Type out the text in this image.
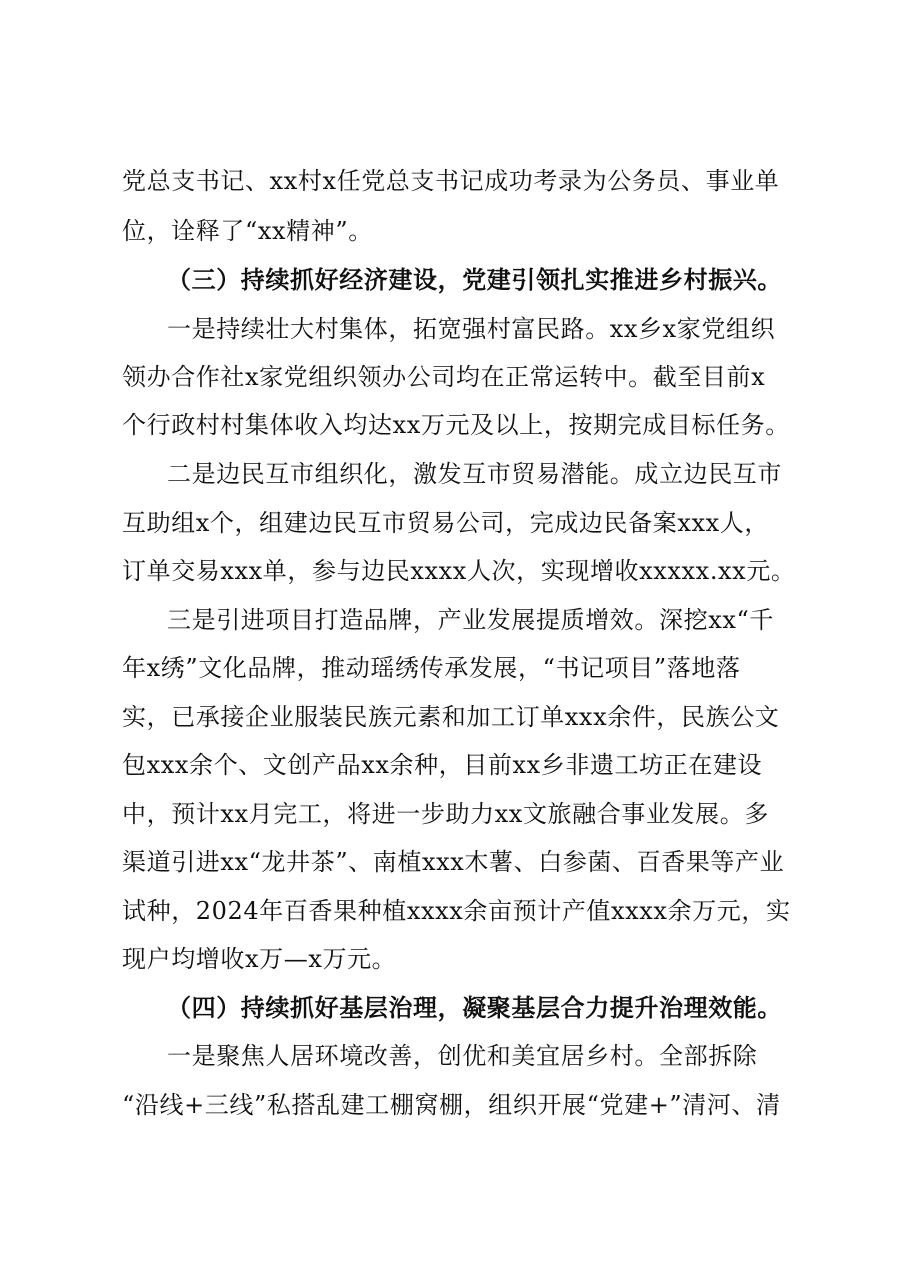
党总支书记、xx村x任党总支书记成功考录为公务员、事业单
位，诠释了“xx精神”。
（三）持续抓好经济建设，党建引领扎实推进乡村振兴。
一是持续壮大村集体，拓宽强村富民路。xx乡x家党组织
领办合作社x家党组织领办公司均在正常运转中。截至目前x
个行政村村集体收入均达xx万元及以上，按期完成目标任务。
二是边民互市组织化，激发互市贸易潜能。成立边民互市
互助组x个，组建边民互市贸易公司，完成边民备案xxx人，
订单交易xxx单，参与边民xxxx人次，实现增收xxxxx.xx元。
三是引进项目打造品牌，产业发展提质增效。深挖xx“千
年x绣”文化品牌，推动瑶绣传承发展，“书记项目”落地落
实，已承接企业服装民族元素和加工订单xxx余件，民族公文
包xxx余个、文创产品xx余种，目前xx乡非遗工坊正在建设
中，预计xx月完工，将进一步助力xx文旅融合事业发展。多
渠道引进xx“龙井茶”、南植xxx木薯、白参菌、百香果等产业
试种，2024年百香果种植xxxx余亩预计产值xxxx余万元，实
现户均增收x万—x万元。
（四）持续抓好基层治理，凝聚基层合力提升治理效能。
一是聚焦人居环境改善，创优和美宜居乡村。全部拆除
“沿线+三线”私搭乱建工棚窝棚，组织开展“党建+”清河、清
